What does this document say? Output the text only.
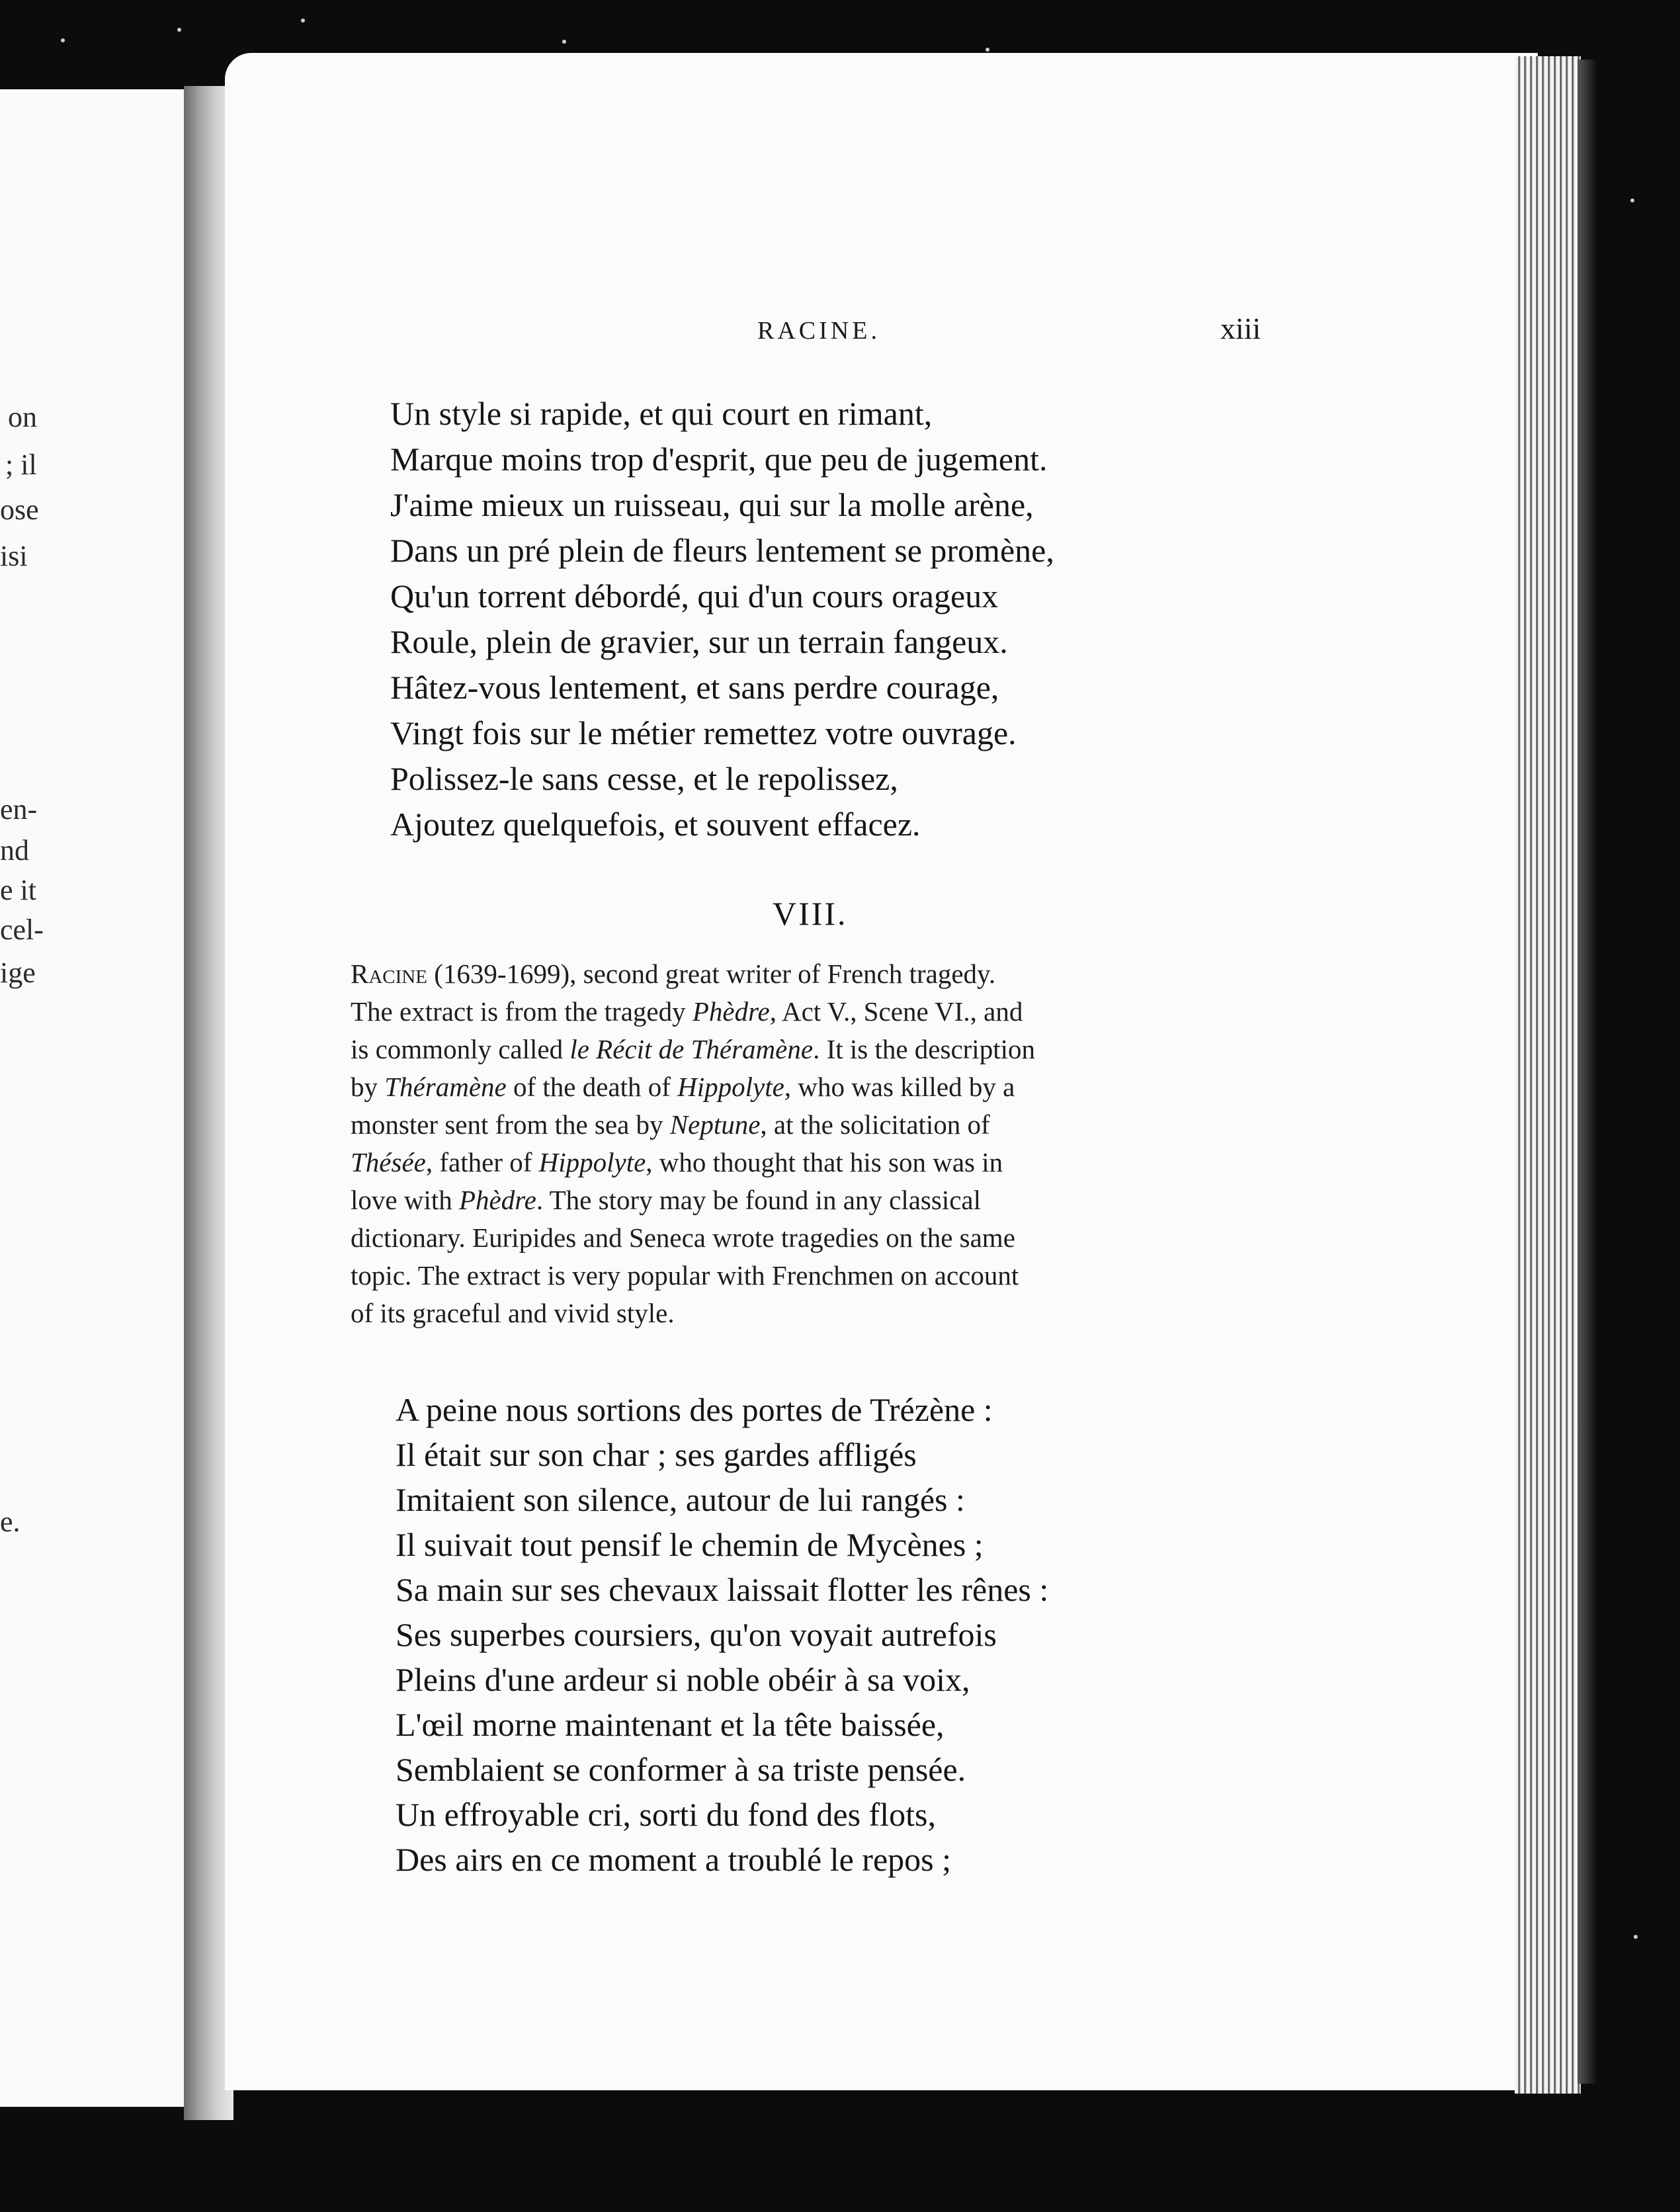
on
; il
ose
isi
en-
nd
e it
cel-
ige
e.
RACINE.	xiii
Un style si rapide, et qui court en rimant,
Marque moins trop d'esprit, que peu de jugement.
J'aime mieux un ruisseau, qui sur la molle arène,
Dans un pré plein de fleurs lentement se promène,
Qu'un torrent débordé, qui d'un cours orageux
Roule, plein de gravier, sur un terrain fangeux.
Hâtez-vous lentement, et sans perdre courage,
Vingt fois sur le métier remettez votre ouvrage.
Polissez-le sans cesse, et le repolissez,
Ajoutez quelquefois, et souvent effacez.
VIII.
Racine (1639-1699), second great writer of French tragedy.
The extract is from the tragedy Phèdre, Act V., Scene VI., and
is commonly called le Récit de Théramène. It is the description
by Théramène of the death of Hippolyte, who was killed by a
monster sent from the sea by Neptune, at the solicitation of
Thésée, father of Hippolyte, who thought that his son was in
love with Phèdre. The story may be found in any classical
dictionary. Euripides and Seneca wrote tragedies on the same
topic. The extract is very popular with Frenchmen on account
of its graceful and vivid style.
A peine nous sortions des portes de Trézène :
Il était sur son char ; ses gardes affligés
Imitaient son silence, autour de lui rangés :
Il suivait tout pensif le chemin de Mycènes ;
Sa main sur ses chevaux laissait flotter les rênes :
Ses superbes coursiers, qu'on voyait autrefois
Pleins d'une ardeur si noble obéir à sa voix,
L'œil morne maintenant et la tête baissée,
Semblaient se conformer à sa triste pensée.
Un effroyable cri, sorti du fond des flots,
Des airs en ce moment a troublé le repos ;
